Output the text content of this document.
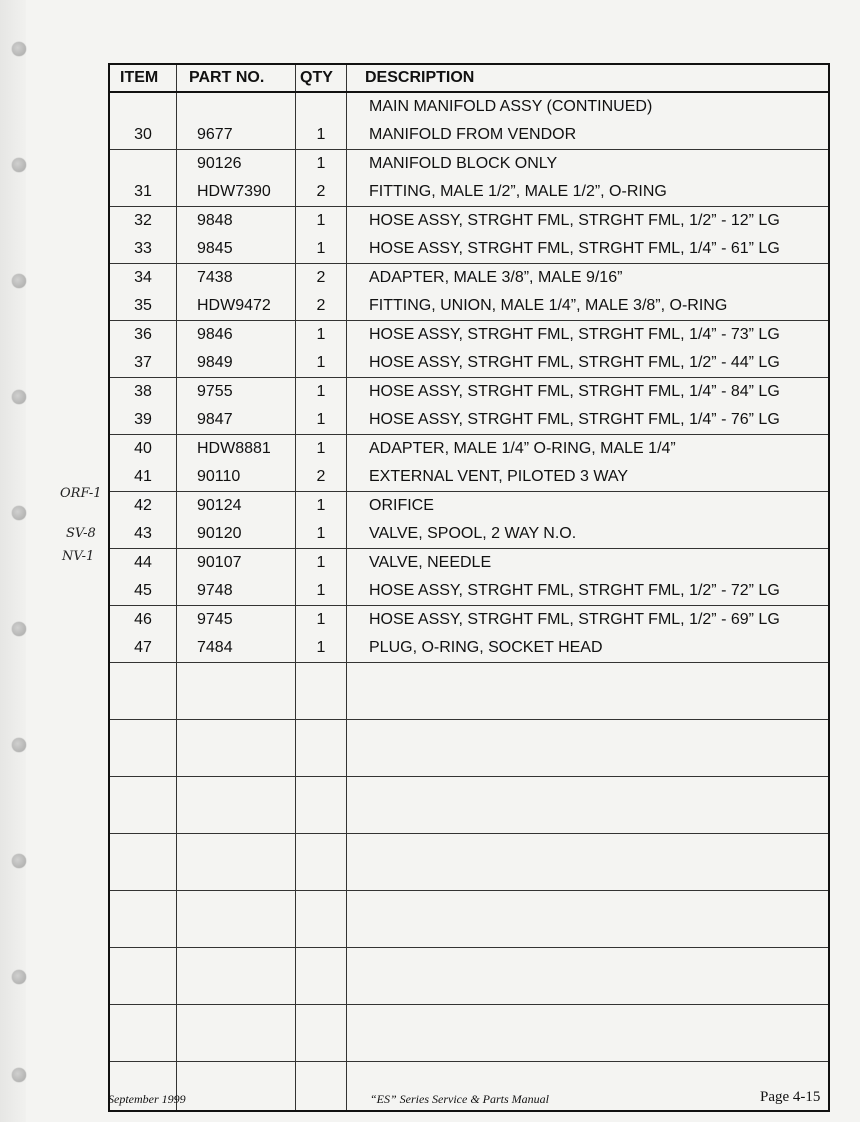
ORF-1
SV-8
NV-1
ITEM	PART NO.	QTY	DESCRIPTION
			MAIN MANIFOLD ASSY (CONTINUED)
30	9677	1	MANIFOLD FROM VENDOR
	90126	1	MANIFOLD BLOCK ONLY
31	HDW7390	2	FITTING, MALE 1/2”, MALE 1/2”, O-RING
32	9848	1	HOSE ASSY, STRGHT FML, STRGHT FML, 1/2” - 12” LG
33	9845	1	HOSE ASSY, STRGHT FML, STRGHT FML, 1/4” - 61” LG
34	7438	2	ADAPTER, MALE 3/8”, MALE 9/16”
35	HDW9472	2	FITTING, UNION, MALE 1/4”, MALE 3/8”, O-RING
36	9846	1	HOSE ASSY, STRGHT FML, STRGHT FML, 1/4” - 73” LG
37	9849	1	HOSE ASSY, STRGHT FML, STRGHT FML, 1/2” - 44” LG
38	9755	1	HOSE ASSY, STRGHT FML, STRGHT FML, 1/4” - 84” LG
39	9847	1	HOSE ASSY, STRGHT FML, STRGHT FML, 1/4” - 76” LG
40	HDW8881	1	ADAPTER, MALE 1/4” O-RING, MALE 1/4”
41	90110	2	EXTERNAL VENT, PILOTED 3 WAY
42	90124	1	ORIFICE
43	90120	1	VALVE, SPOOL, 2 WAY N.O.
44	90107	1	VALVE, NEEDLE
45	9748	1	HOSE ASSY, STRGHT FML, STRGHT FML, 1/2” - 72” LG
46	9745	1	HOSE ASSY, STRGHT FML, STRGHT FML, 1/2” - 69” LG
47	7484	1	PLUG, O-RING, SOCKET HEAD

September 1999	“ES” Series Service & Parts Manual	Page 4-15
